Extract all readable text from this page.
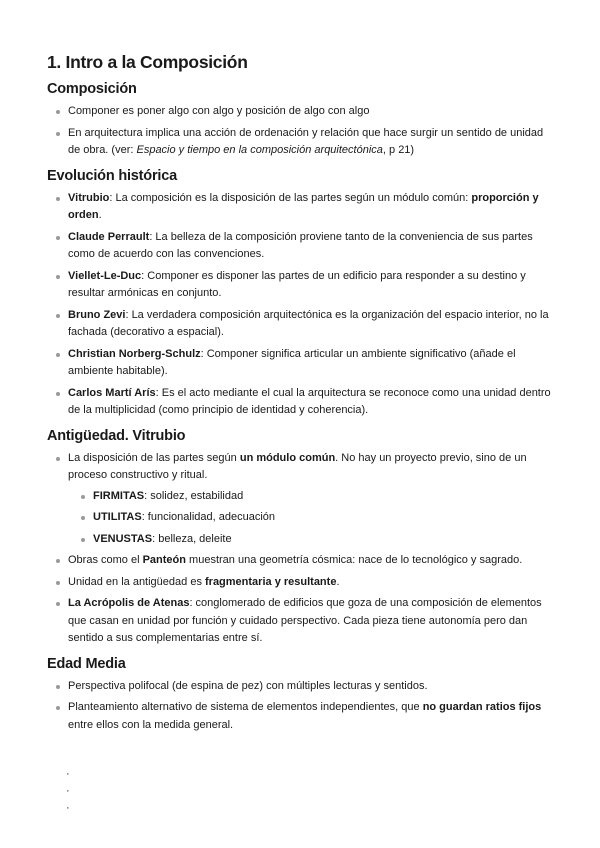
1. Intro a la Composición
Composición
Componer es poner algo con algo y posición de algo con algo
En arquitectura implica una acción de ordenación y relación que hace surgir un sentido de unidad de obra. (ver: Espacio y tiempo en la composición arquitectónica, p 21)
Evolución histórica
Vitrubio: La composición es la disposición de las partes según un módulo común: proporción y orden.
Claude Perrault: La belleza de la composición proviene tanto de la conveniencia de sus partes como de acuerdo con las convenciones.
Viellet-Le-Duc: Componer es disponer las partes de un edificio para responder a su destino y resultar armónicas en conjunto.
Bruno Zevi: La verdadera composición arquitectónica es la organización del espacio interior, no la fachada (decorativo a espacial).
Christian Norberg-Schulz: Componer significa articular un ambiente significativo (añade el ambiente habitable).
Carlos Martí Arís: Es el acto mediante el cual la arquitectura se reconoce como una unidad dentro de la multiplicidad (como principio de identidad y coherencia).
Antigüedad. Vitrubio
La disposición de las partes según un módulo común. No hay un proyecto previo, sino de un proceso constructivo y ritual.
FIRMITAS: solidez, estabilidad
UTILITAS: funcionalidad, adecuación
VENUSTAS: belleza, deleite
Obras como el Panteón muestran una geometría cósmica: nace de lo tecnológico y sagrado.
Unidad en la antigüedad es fragmentaria y resultante.
La Acrópolis de Atenas: conglomerado de edificios que goza de una composición de elementos que casan en unidad por función y cuidado perspectivo. Cada pieza tiene autonomía pero dan sentido a sus complementarias entre sí.
Edad Media
Perspectiva polifocal (de espina de pez) con múltiples lecturas y sentidos.
Planteamiento alternativo de sistema de elementos independientes, que no guardan ratios fijos entre ellos con la medida general.
·
·
·
